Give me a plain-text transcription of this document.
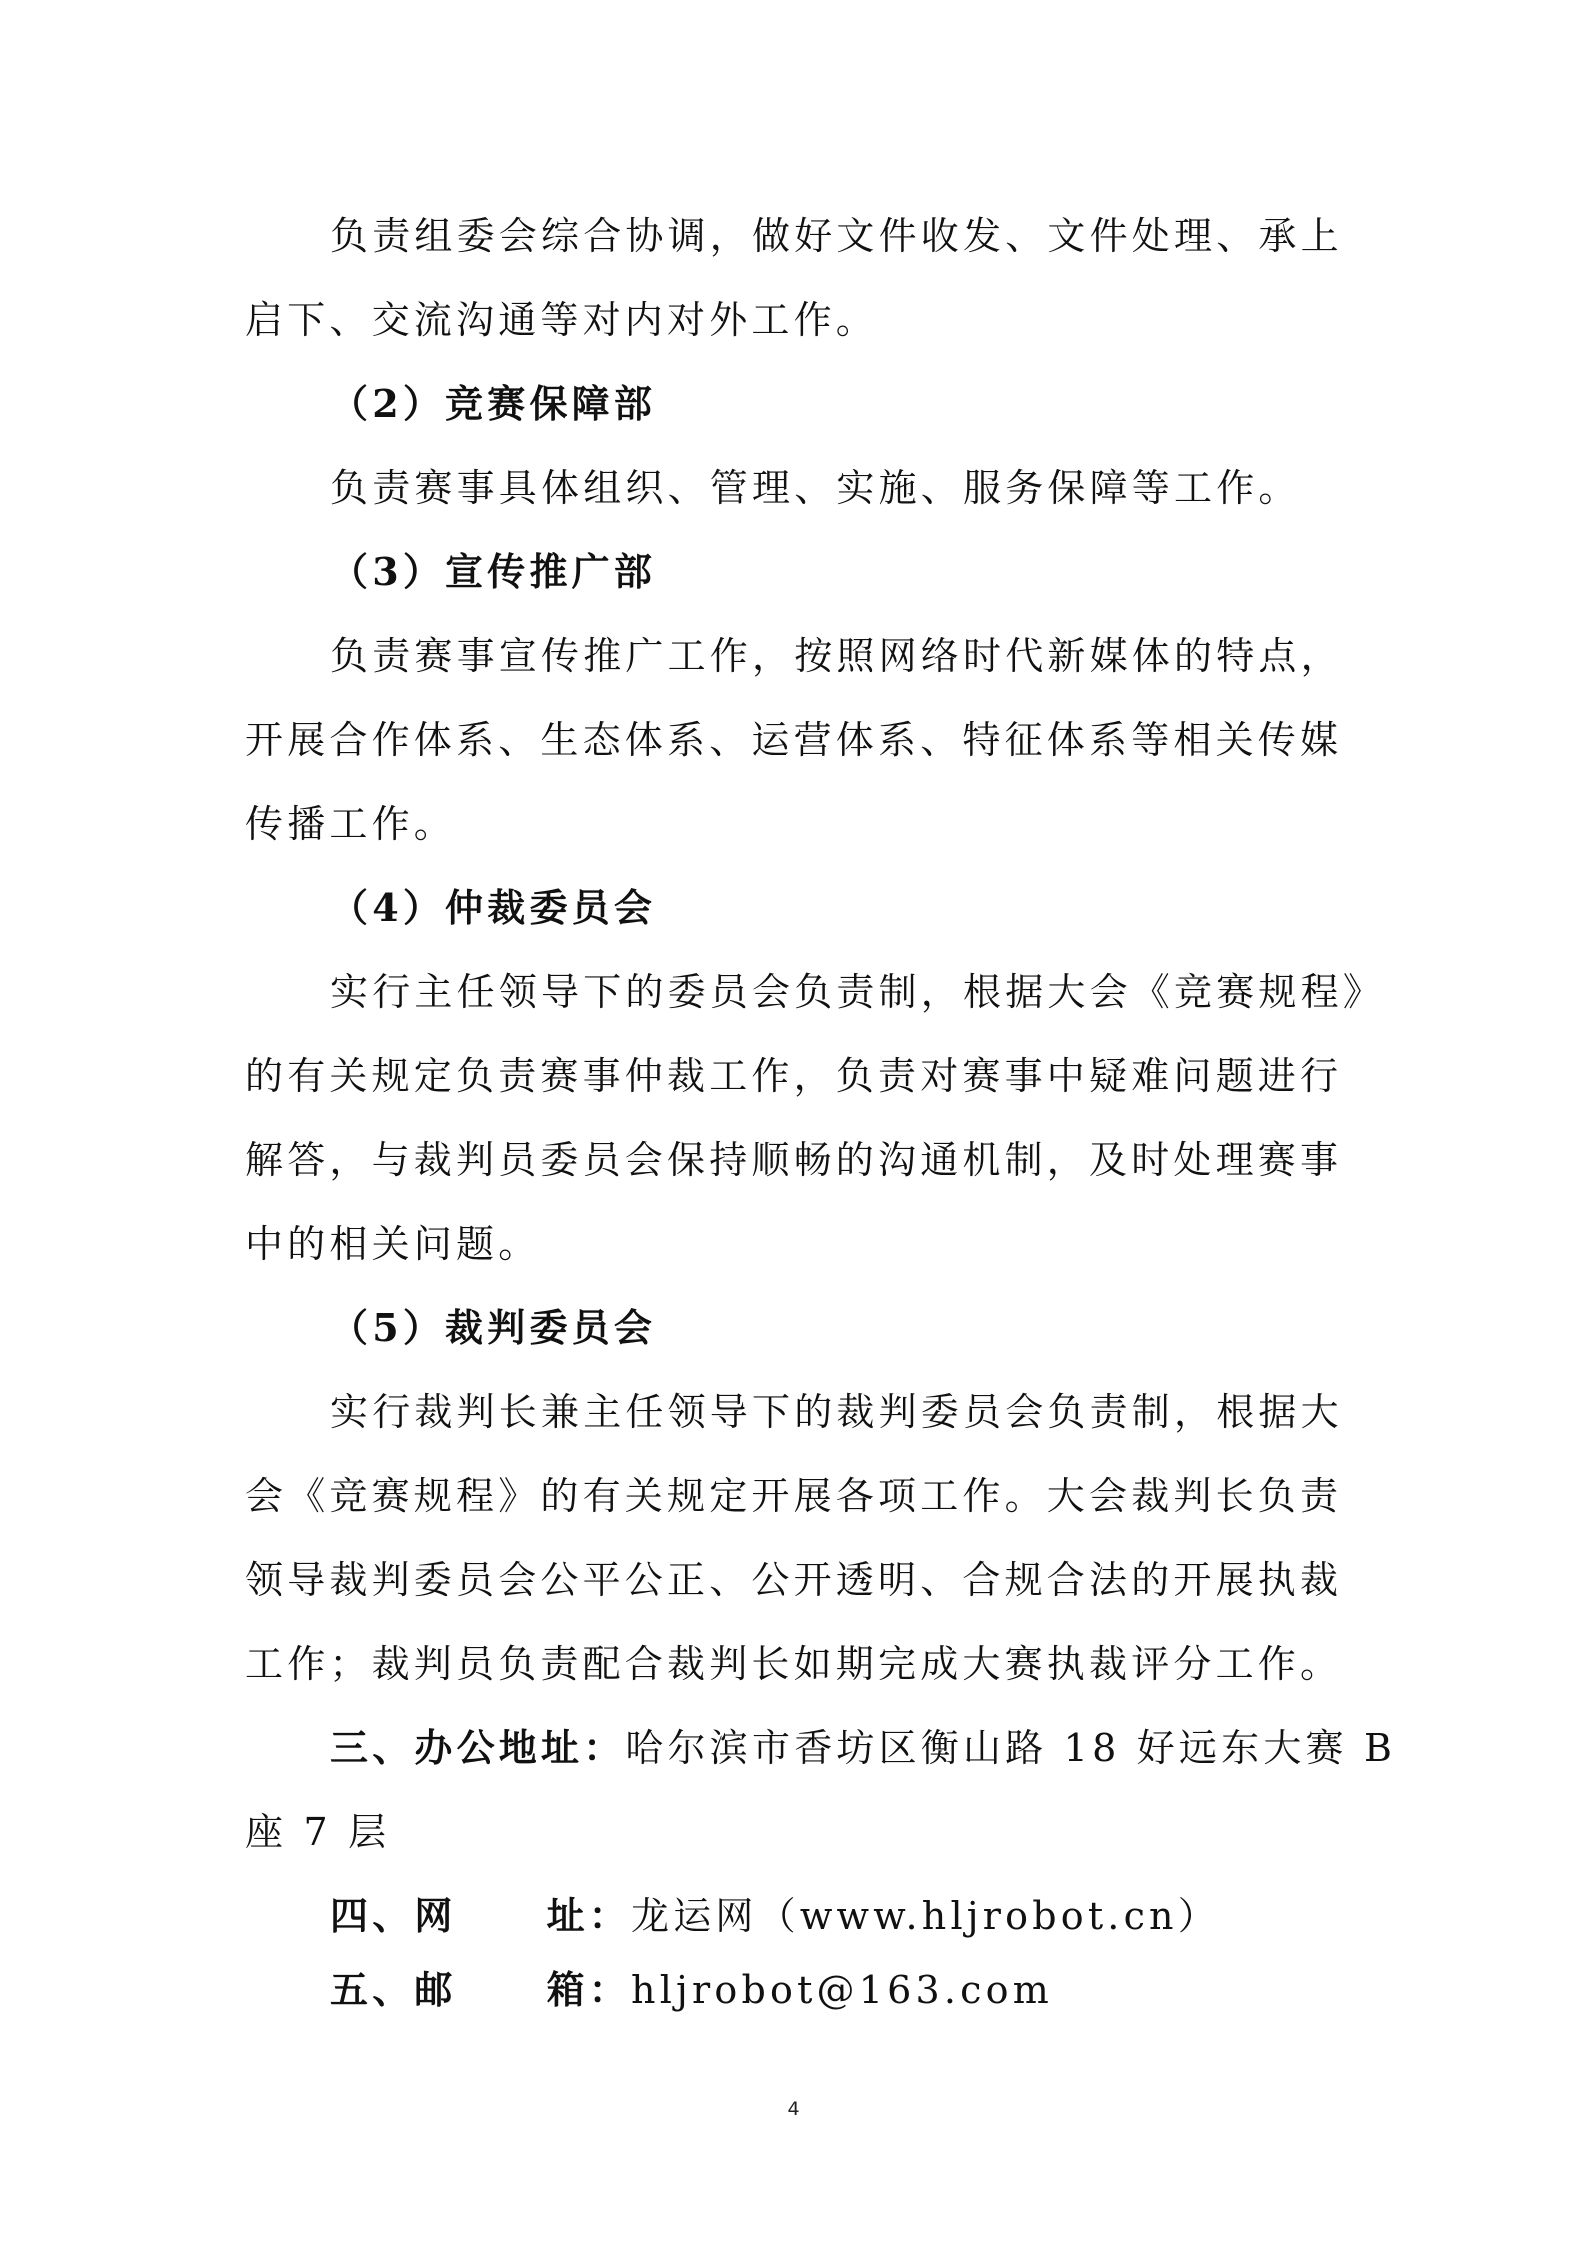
负责组委会综合协调，做好文件收发、文件处理、承上
启下、交流沟通等对内对外工作。
（2）竞赛保障部
负责赛事具体组织、管理、实施、服务保障等工作。
（3）宣传推广部
负责赛事宣传推广工作，按照网络时代新媒体的特点，
开展合作体系、生态体系、运营体系、特征体系等相关传媒
传播工作。
（4）仲裁委员会
实行主任领导下的委员会负责制，根据大会《竞赛规程》
的有关规定负责赛事仲裁工作，负责对赛事中疑难问题进行
解答，与裁判员委员会保持顺畅的沟通机制，及时处理赛事
中的相关问题。
（5）裁判委员会
实行裁判长兼主任领导下的裁判委员会负责制，根据大
会《竞赛规程》的有关规定开展各项工作。大会裁判长负责
领导裁判委员会公平公正、公开透明、合规合法的开展执裁
工作；裁判员负责配合裁判长如期完成大赛执裁评分工作。
三、办公地址：哈尔滨市香坊区衡山路 18 好远东大赛 B
座 7 层
四、网 址：龙运网（www.hljrobot.cn）
五、邮 箱：hljrobot@163.com
4
